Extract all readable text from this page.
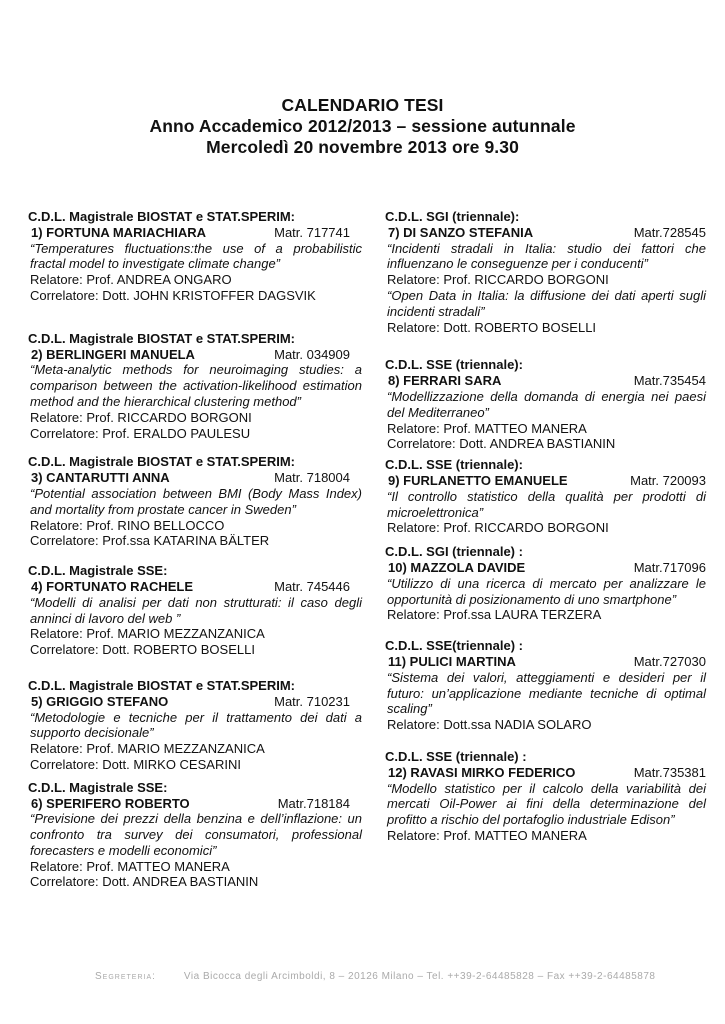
CALENDARIO TESI
Anno Accademico 2012/2013 – sessione autunnale
Mercoledì 20 novembre 2013 ore 9.30
C.D.L. Magistrale BIOSTAT e STAT.SPERIM:
1) FORTUNA MARIACHIARA	Matr. 717741
“Temperatures fluctuations:the use of a probabilistic fractal model to investigate climate change”
Relatore: Prof. ANDREA ONGARO
Correlatore: Dott. JOHN KRISTOFFER DAGSVIK
C.D.L. Magistrale BIOSTAT e STAT.SPERIM:
2) BERLINGERI MANUELA	Matr. 034909
“Meta-analytic methods for neuroimaging studies: a comparison between the activation-likelihood estimation method and the hierarchical clustering method”
Relatore: Prof. RICCARDO BORGONI
Correlatore: Prof. ERALDO PAULESU
C.D.L. Magistrale BIOSTAT e STAT.SPERIM:
3) CANTARUTTI ANNA	Matr. 718004
“Potential association between BMI (Body Mass Index) and mortality from prostate cancer in Sweden”
Relatore: Prof. RINO BELLOCCO
Correlatore: Prof.ssa KATARINA BÄLTER
C.D.L. Magistrale SSE:
4) FORTUNATO RACHELE	Matr. 745446
“Modelli di analisi per dati non strutturati: il caso degli anninci di lavoro del web ”
Relatore: Prof. MARIO MEZZANZANICA
Correlatore: Dott. ROBERTO BOSELLI
C.D.L. Magistrale BIOSTAT e STAT.SPERIM:
5) GRIGGIO STEFANO	Matr. 710231
“Metodologie e tecniche per il trattamento dei dati a supporto decisionale”
Relatore: Prof. MARIO MEZZANZANICA
Correlatore: Dott. MIRKO CESARINI
C.D.L. Magistrale SSE:
6) SPERIFERO ROBERTO	Matr.718184
“Previsione dei prezzi della benzina e dell’inflazione: un confronto tra survey dei consumatori, professional forecasters e modelli economici”
Relatore: Prof. MATTEO MANERA
Correlatore: Dott. ANDREA BASTIANIN
C.D.L. SGI (triennale):
7) DI SANZO STEFANIA	Matr.728545
“Incidenti stradali in Italia: studio dei fattori che influenzano le conseguenze per i conducenti”
Relatore: Prof. RICCARDO BORGONI
“Open Data in Italia: la diffusione dei dati aperti sugli incidenti stradali”
Relatore: Dott. ROBERTO BOSELLI
C.D.L. SSE (triennale):
8) FERRARI SARA	Matr.735454
“Modellizzazione della domanda di energia nei paesi del Mediterraneo”
Relatore: Prof. MATTEO MANERA
Correlatore: Dott. ANDREA BASTIANIN
C.D.L. SSE (triennale):
9) FURLANETTO EMANUELE	Matr. 720093
“Il controllo statistico della qualità per prodotti di microelettronica”
Relatore: Prof. RICCARDO BORGONI
C.D.L. SGI (triennale) :
10) MAZZOLA DAVIDE	Matr.717096
“Utilizzo di una ricerca di mercato per analizzare le opportunità di posizionamento di uno smartphone”
Relatore: Prof.ssa LAURA TERZERA
C.D.L. SSE(triennale) :
11) PULICI MARTINA	Matr.727030
“Sistema dei valori, atteggiamenti e desideri per il futuro: un’applicazione mediante tecniche di optimal scaling”
Relatore: Dott.ssa NADIA SOLARO
C.D.L. SSE (triennale) :
12) RAVASI MIRKO FEDERICO	Matr.735381
“Modello statistico per il calcolo della variabilità dei mercati Oil-Power ai fini della determinazione del profitto a rischio del portafoglio industriale Edison”
Relatore: Prof. MATTEO MANERA
Segreteria:	Via Bicocca degli Arcimboldi, 8 – 20126 Milano – Tel. ++39-2-64485828 – Fax ++39-2-64485878
